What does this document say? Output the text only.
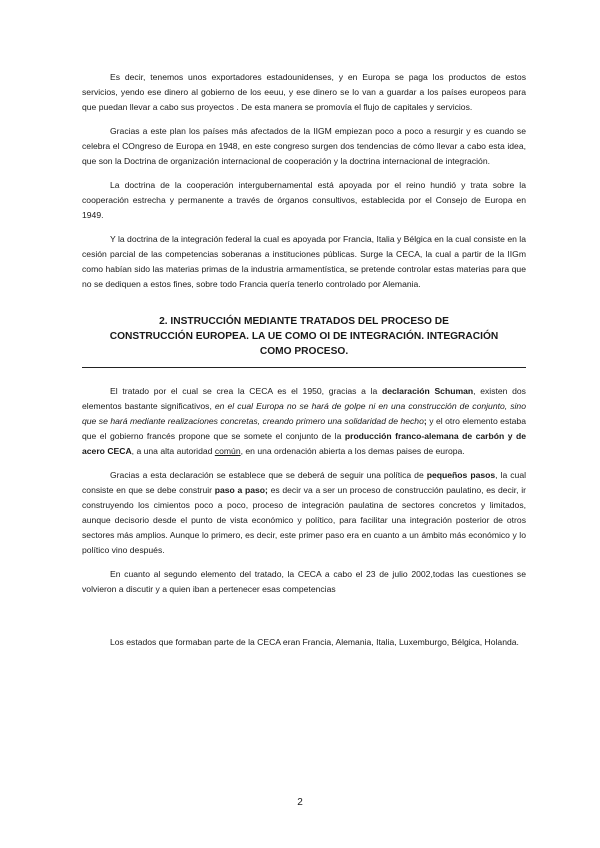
Es decir, tenemos unos exportadores estadounidenses, y en Europa se paga los productos de estos servicios, yendo ese dinero al gobierno de los eeuu, y ese dinero se lo van a guardar a los países europeos para que puedan llevar a cabo sus proyectos . De esta manera se promovía el flujo de capitales y servicios.

Gracias a este plan los países más afectados de la IIGM empiezan poco a poco a resurgir y es cuando se celebra el COngreso de Europa en 1948, en este congreso surgen dos tendencias de cómo llevar a cabo esta idea, que son la Doctrina de organización internacional de cooperación y la doctrina internacional de integración.

La doctrina de la cooperación intergubernamental está apoyada por el reino hundió y trata sobre la cooperación estrecha y permanente a través de órganos consultivos, establecida por el Consejo de Europa en 1949.

Y la doctrina de la integración federal la cual es apoyada por Francia, Italia y Bélgica en la cual consiste en la cesión parcial de las competencias soberanas a instituciones públicas. Surge la CECA, la cual a partir de la IIGm como habían sido las materias primas de la industria armamentística, se pretende controlar estas materias para que no se dediquen a estos fines, sobre todo Francia quería tenerlo controlado por Alemania.

2. INSTRUCCIÓN MEDIANTE TRATADOS DEL PROCESO DE

CONSTRUCCIÓN EUROPEA. LA UE COMO OI DE INTEGRACIÓN. INTEGRACIÓN

COMO PROCESO.

El tratado por el cual se crea la CECA es el 1950, gracias a la declaración Schuman, existen dos elementos bastante significativos, en el cual Europa no se hará de golpe ni en una construcción de conjunto, sino que se hará mediante realizaciones concretas, creando primero una solidaridad de hecho; y el otro elemento estaba que el gobierno francés propone que se somete el conjunto de la producción franco-alemana de carbón y de acero CECA, a una alta autoridad común, en una ordenación abierta a los demas paises de europa.

Gracias a esta declaración se establece que se deberá de seguir una política de pequeños pasos, la cual consiste en que se debe construir paso a paso; es decir va a ser un proceso de construcción paulatino, es decir, ir construyendo los cimientos poco a poco, proceso de integración paulatina de sectores concretos y limitados, aunque decisorio desde el punto de vista económico y político, para facilitar una integración posterior de otros sectores más amplios. Aunque lo primero, es decir, este primer paso era en cuanto a un ámbito más económico y lo político vino después.

En cuanto al segundo elemento del tratado, la CECA a cabo el 23 de julio 2002,todas las cuestiones se volvieron a discutir y a quien iban a pertenecer esas competencias

Los estados que formaban parte de la CECA eran Francia, Alemania, Italia, Luxemburgo, Bélgica, Holanda.

2
